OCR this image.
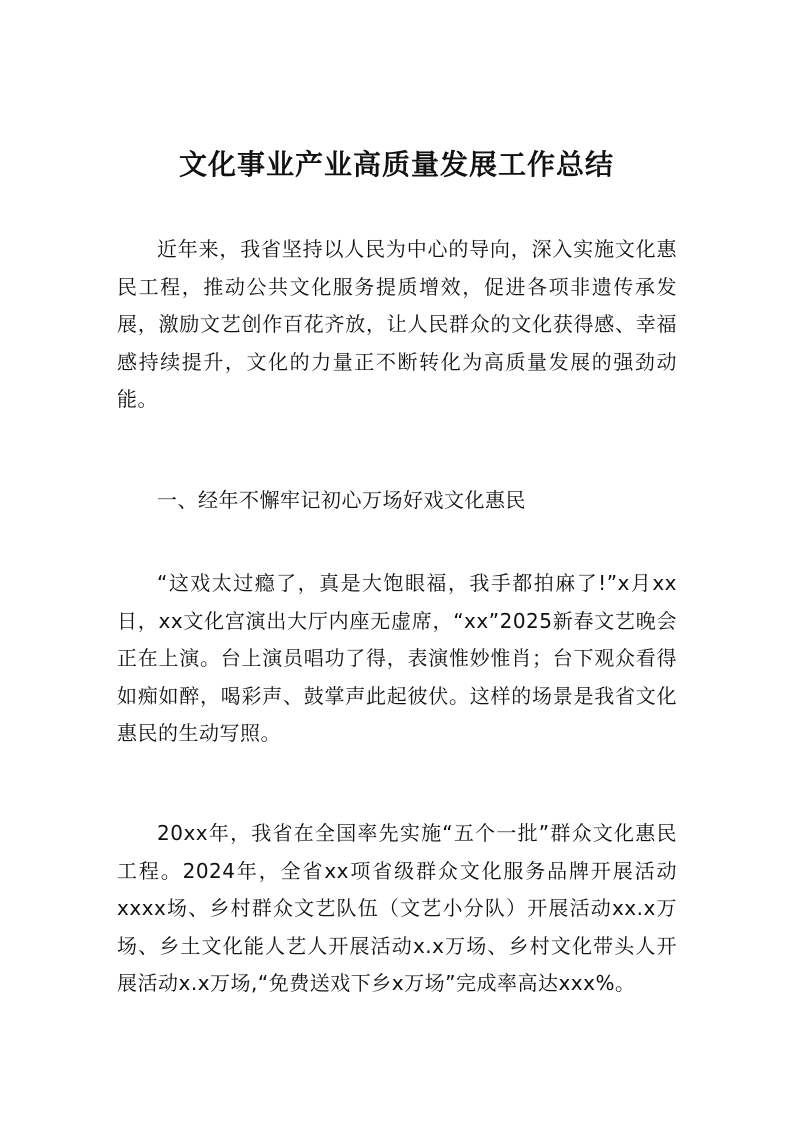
文化事业产业高质量发展工作总结

近年来，我省坚持以人民为中心的导向，深入实施文化惠民工程，推动公共文化服务提质增效，促进各项非遗传承发展，激励文艺创作百花齐放，让人民群众的文化获得感、幸福感持续提升，文化的力量正不断转化为高质量发展的强劲动能。

一、经年不懈牢记初心万场好戏文化惠民

“这戏太过瘾了，真是大饱眼福，我手都拍麻了!”x月xx日，xx文化宫演出大厅内座无虚席，“xx”2025新春文艺晚会正在上演。台上演员唱功了得，表演惟妙惟肖；台下观众看得如痴如醉，喝彩声、鼓掌声此起彼伏。这样的场景是我省文化惠民的生动写照。

20xx年，我省在全国率先实施“五个一批”群众文化惠民工程。2024年，全省xx项省级群众文化服务品牌开展活动xxxx场、乡村群众文艺队伍（文艺小分队）开展活动xx.x万场、乡土文化能人艺人开展活动x.x万场、乡村文化带头人开展活动x.x万场,“免费送戏下乡x万场”完成率高达xxx%。
